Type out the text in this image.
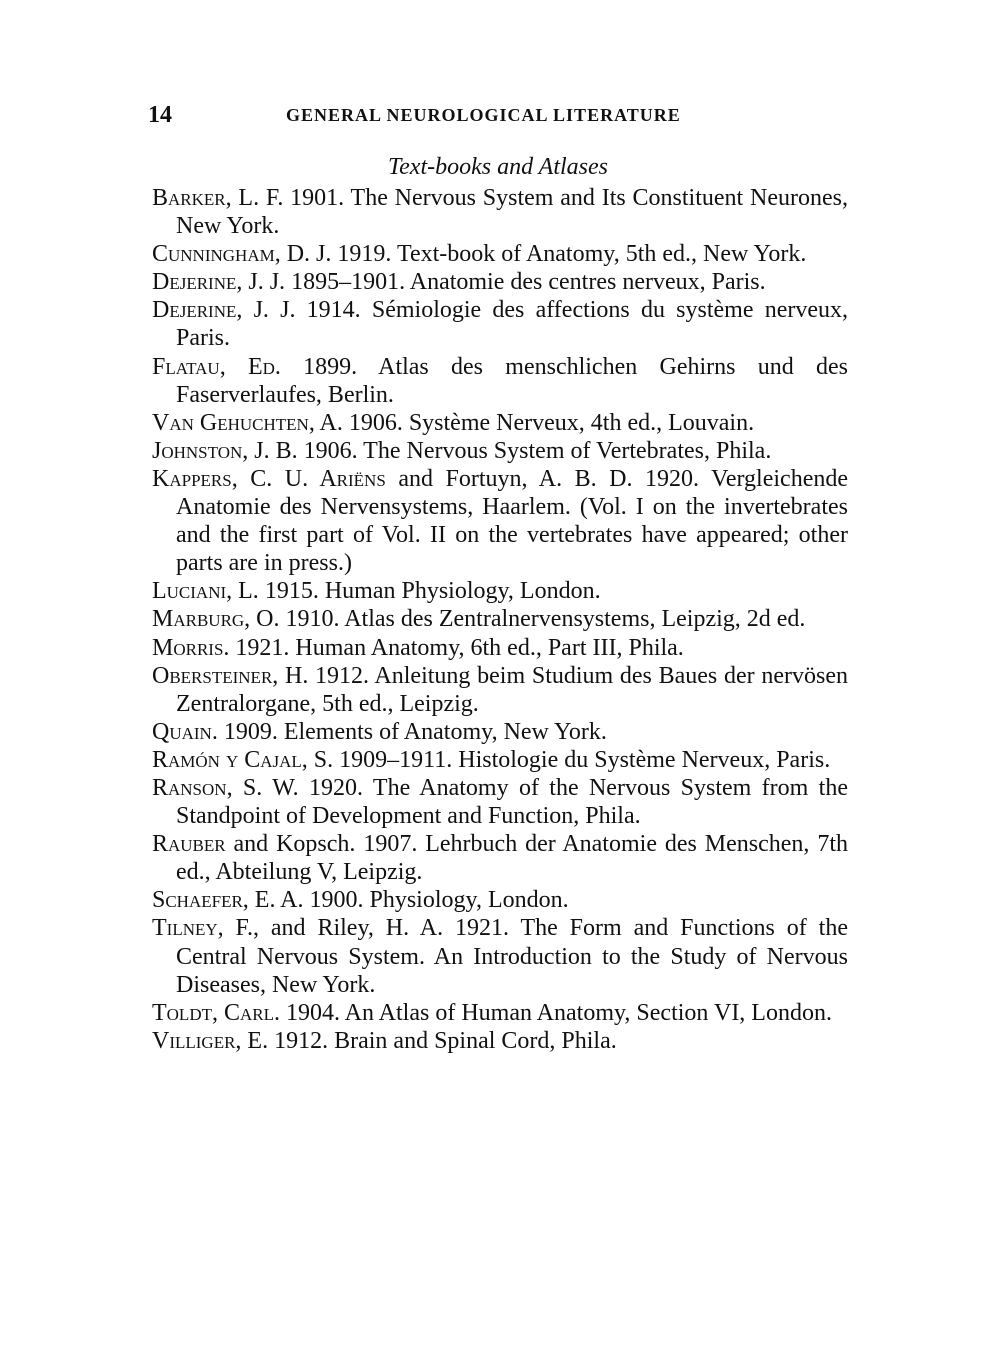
14	GENERAL NEUROLOGICAL LITERATURE
Text-books and Atlases

Barker, L. F. 1901. The Nervous System and Its Constituent Neurones, New York.

Cunningham, D. J. 1919. Text-book of Anatomy, 5th ed., New York.

Dejerine, J. J. 1895–1901. Anatomie des centres nerveux, Paris.

Dejerine, J. J. 1914. Sémiologie des affections du système nerveux, Paris.

Flatau, Ed. 1899. Atlas des menschlichen Gehirns und des Faserverlaufes, Berlin.

Van Gehuchten, A. 1906. Système Nerveux, 4th ed., Louvain.

Johnston, J. B. 1906. The Nervous System of Vertebrates, Phila.

Kappers, C. U. Ariëns and Fortuyn, A. B. D. 1920. Vergleichende Anatomie des Nervensystems, Haarlem. (Vol. I on the invertebrates and the first part of Vol. II on the vertebrates have appeared; other parts are in press.)

Luciani, L. 1915. Human Physiology, London.

Marburg, O. 1910. Atlas des Zentralnervensystems, Leipzig, 2d ed.

Morris. 1921. Human Anatomy, 6th ed., Part III, Phila.

Obersteiner, H. 1912. Anleitung beim Studium des Baues der nervösen Zentralorgane, 5th ed., Leipzig.

Quain. 1909. Elements of Anatomy, New York.

Ramón y Cajal, S. 1909–1911. Histologie du Système Nerveux, Paris.

Ranson, S. W. 1920. The Anatomy of the Nervous System from the Standpoint of Development and Function, Phila.

Rauber and Kopsch. 1907. Lehrbuch der Anatomie des Menschen, 7th ed., Abteilung V, Leipzig.

Schaefer, E. A. 1900. Physiology, London.

Tilney, F., and Riley, H. A. 1921. The Form and Functions of the Central Nervous System. An Introduction to the Study of Nervous Diseases, New York.

Toldt, Carl. 1904. An Atlas of Human Anatomy, Section VI, London.

Villiger, E. 1912. Brain and Spinal Cord, Phila.
